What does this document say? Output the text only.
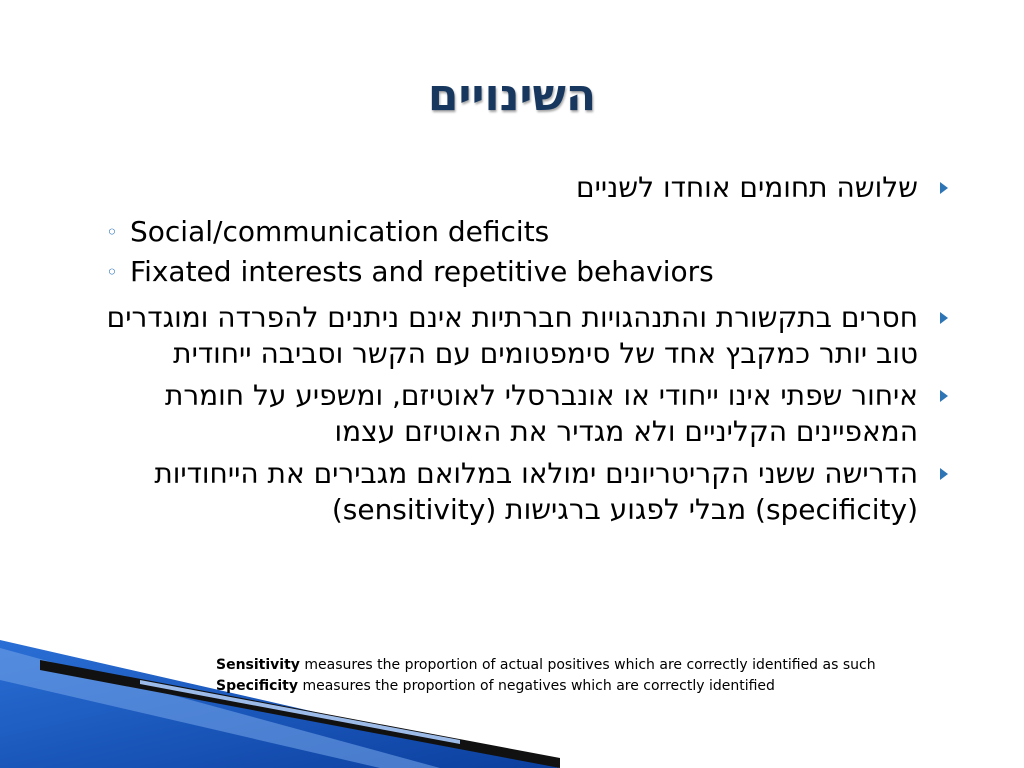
השינויים
שלושה תחומים אוחדו לשניים
◦ Social/communication deficits
◦ Fixated interests and repetitive behaviors
חסרים בתקשורת והתנהגויות חברתיות אינם ניתנים להפרדה ומוגדרים טוב יותר כמקבץ אחד של סימפטומים עם הקשר וסביבה ייחודית
איחור שפתי אינו ייחודי או אונברסלי לאוטיזם, ומשפיע על חומרת המאפיינים הקליניים ולא מגדיר את האוטיזם עצמו
הדרישה ששני הקריטריונים ימולאו במלואם מגבירים את הייחודיות (specificity) מבלי לפגוע ברגישות (sensitivity)
Sensitivity measures the proportion of actual positives which are correctly identified as such
Specificity measures the proportion of negatives which are correctly identified
